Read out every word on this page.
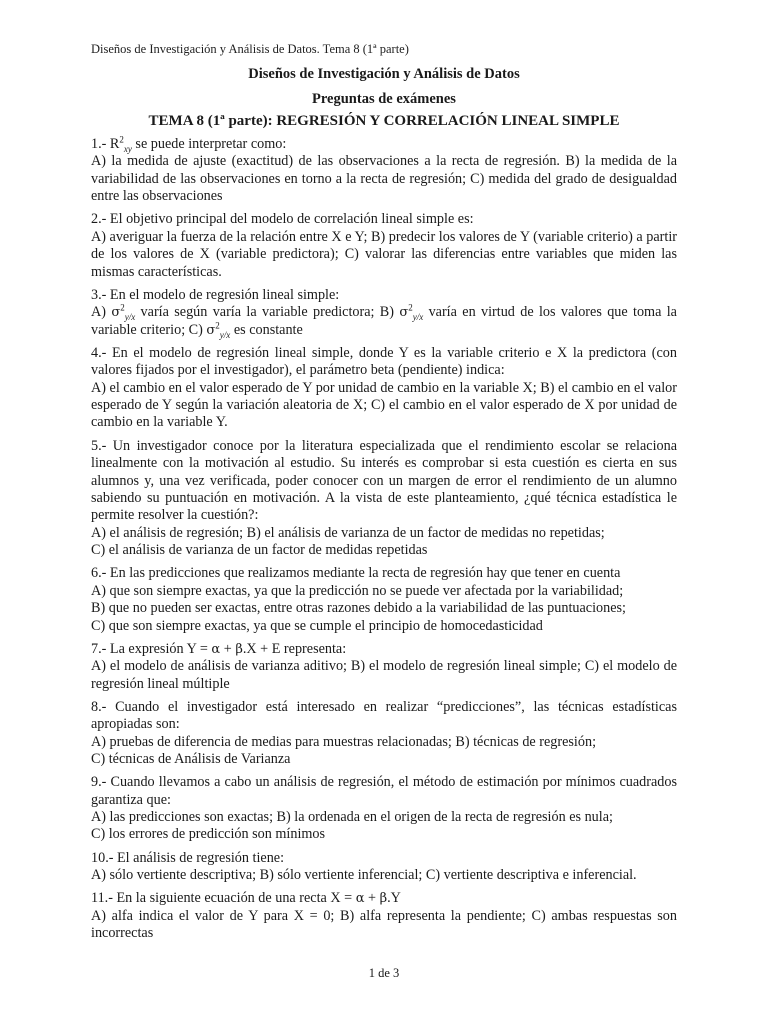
Diseños de Investigación y Análisis de Datos. Tema 8 (1ª parte)
Diseños de Investigación y Análisis de Datos
Preguntas de exámenes
TEMA 8 (1ª parte): REGRESIÓN Y CORRELACIÓN LINEAL SIMPLE
1.- $R^2_{xy}$ se puede interpretar como:
A) la medida de ajuste (exactitud) de las observaciones a la recta de regresión. B) la medida de la variabilidad de las observaciones en torno a la recta de regresión; C) medida del grado de desigualdad entre las observaciones
2.- El objetivo principal del modelo de correlación lineal simple es:
A) averiguar la fuerza de la relación entre X e Y; B) predecir los valores de Y (variable criterio) a partir de los valores de X (variable predictora); C) valorar las diferencias entre variables que miden las mismas características.
3.- En el modelo de regresión lineal simple:
A) $\sigma^2_{y/x}$ varía según varía la variable predictora; B) $\sigma^2_{y/x}$ varía en virtud de los valores que toma la variable criterio; C) $\sigma^2_{y/x}$ es constante
4.- En el modelo de regresión lineal simple, donde Y es la variable criterio e X la predictora (con valores fijados por el investigador), el parámetro beta (pendiente) indica:
A) el cambio en el valor esperado de Y por unidad de cambio en la variable X; B) el cambio en el valor esperado de Y según la variación aleatoria de X; C) el cambio en el valor esperado de X por unidad de cambio en la variable Y.
5.- Un investigador conoce por la literatura especializada que el rendimiento escolar se relaciona linealmente con la motivación al estudio. Su interés es comprobar si esta cuestión es cierta en sus alumnos y, una vez verificada, poder conocer con un margen de error el rendimiento de un alumno sabiendo su puntuación en motivación. A la vista de este planteamiento, ¿qué técnica estadística le permite resolver la cuestión?:
A) el análisis de regresión; B) el análisis de varianza de un factor de medidas no repetidas;
C) el análisis de varianza de un factor de medidas repetidas
6.- En las predicciones que realizamos mediante la recta de regresión hay que tener en cuenta
A) que son siempre exactas, ya que la predicción no se puede ver afectada por la variabilidad;
B) que no pueden ser exactas, entre otras razones debido a la variabilidad de las puntuaciones;
C) que son siempre exactas, ya que se cumple el principio de homocedasticidad
7.- La expresión Y = α + β.X + E representa:
A) el modelo de análisis de varianza aditivo; B) el modelo de regresión lineal simple; C) el modelo de regresión lineal múltiple
8.- Cuando el investigador está interesado en realizar “predicciones”, las técnicas estadísticas apropiadas son:
A) pruebas de diferencia de medias para muestras relacionadas; B) técnicas de regresión;
C) técnicas de Análisis de Varianza
9.- Cuando llevamos a cabo un análisis de regresión, el método de estimación por mínimos cuadrados garantiza que:
A) las predicciones son exactas; B) la ordenada en el origen de la recta de regresión es nula;
C) los errores de predicción son mínimos
10.- El análisis de regresión tiene:
A) sólo vertiente descriptiva; B) sólo vertiente inferencial; C) vertiente descriptiva e inferencial.
11.- En la siguiente ecuación de una recta X = α + β.Y
A) alfa indica el valor de Y para X = 0; B) alfa representa la pendiente; C) ambas respuestas son incorrectas
1 de 3
